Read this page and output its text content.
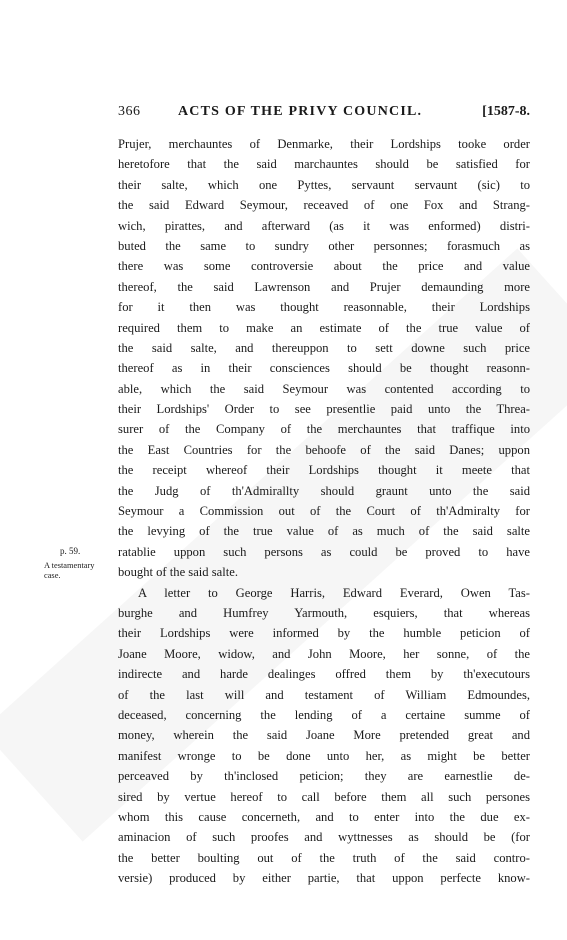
366	ACTS OF THE PRIVY COUNCIL.	[1587-8.
Prujer, merchauntes of Denmarke, their Lordships tooke order
heretofore that the said marchauntes should be satisfied for
their salte, which one Pyttes, servaunt servaunt (sic) to
the said Edward Seymour, receaved of one Fox and Strang-
wich, pirattes, and afterward (as it was enformed) distri-
buted the same to sundry other personnes; forasmuch as
there was some controversie about the price and value
thereof, the said Lawrenson and Prujer demaunding more
for it then was thought reasonnable, their Lordships
required them to make an estimate of the true value of
the said salte, and thereuppon to sett downe such price
thereof as in their consciences should be thought reasonn-
able, which the said Seymour was contented according to
their Lordships' Order to see presentlie paid unto the Threa-
surer of the Company of the merchauntes that traffique into
the East Countries for the behoofe of the said Danes; uppon
the receipt whereof their Lordships thought it meete that
the Judg of th'Admirallty should graunt unto the said
Seymour a Commission out of the Court of th'Admiralty for
the levying of the true value of as much of the said salte
ratablie uppon such persons as could be proved to have
bought of the said salte.
A letter to George Harris, Edward Everard, Owen Tas-
burghe and Humfrey Yarmouth, esquiers, that whereas
their Lordships were informed by the humble peticion of
Joane Moore, widow, and John Moore, her sonne, of the
indirecte and harde dealinges offred them by th'executours
of the last will and testament of William Edmoundes,
deceased, concerning the lending of a certaine summe of
money, wherein the said Joane More pretended great and
manifest wronge to be done unto her, as might be better
perceaved by th'inclosed peticion; they are earnestlie de-
sired by vertue hereof to call before them all such persones
whom this cause concerneth, and to enter into the due ex-
aminacion of such proofes and wyttnesses as should be (for
the better boulting out of the truth of the said contro-
versie) produced by either partie, that uppon perfecte know-
p. 59.
A testamentary
case.
